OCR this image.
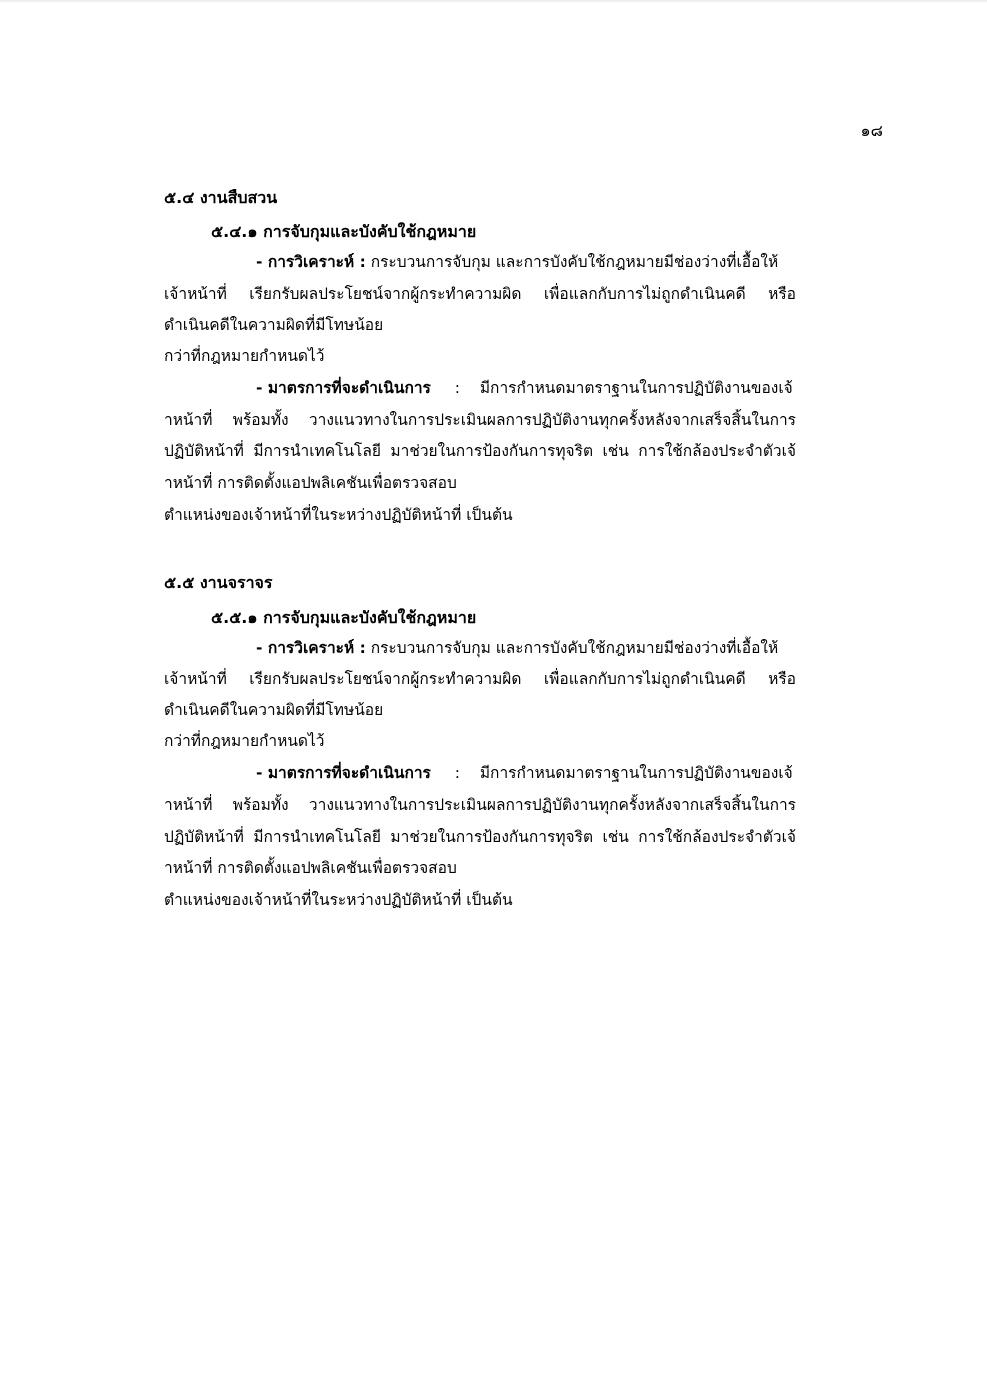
๑๘
๕.๔ งานสืบสวน
๕.๔.๑ การจับกุมและบังคับใช้กฎหมาย
- การวิเคราะห์ : กระบวนการจับกุม และการบังคับใช้กฎหมายมีช่องว่างที่เอื้อให้
เจ้าหน้าที่ เรียกรับผลประโยชน์จากผู้กระทำความผิด เพื่อแลกกับการไม่ถูกดำเนินคดี หรือ
ดำเนินคดีในความผิดที่มีโทษน้อย
กว่าที่กฎหมายกำหนดไว้
- มาตรการที่จะดำเนินการ : มีการกำหนดมาตราฐานในการปฏิบัติงานของเจ้
าหน้าที่ พร้อมทั้ง วางแนวทางในการประเมินผลการปฏิบัติงานทุกครั้งหลังจากเสร็จสิ้นในการ
ปฏิบัติหน้าที่ มีการนำเทคโนโลยี มาช่วยในการป้องกันการทุจริต เช่น การใช้กล้องประจำตัวเจ้
าหน้าที่ การติดตั้งแอปพลิเคชันเพื่อตรวจสอบ
ตำแหน่งของเจ้าหน้าที่ในระหว่างปฏิบัติหน้าที่ เป็นต้น
๕.๕ งานจราจร
๕.๕.๑ การจับกุมและบังคับใช้กฎหมาย
- การวิเคราะห์ : กระบวนการจับกุม และการบังคับใช้กฎหมายมีช่องว่างที่เอื้อให้
เจ้าหน้าที่ เรียกรับผลประโยชน์จากผู้กระทำความผิด เพื่อแลกกับการไม่ถูกดำเนินคดี หรือ
ดำเนินคดีในความผิดที่มีโทษน้อย
กว่าที่กฎหมายกำหนดไว้
- มาตรการที่จะดำเนินการ : มีการกำหนดมาตราฐานในการปฏิบัติงานของเจ้
าหน้าที่ พร้อมทั้ง วางแนวทางในการประเมินผลการปฏิบัติงานทุกครั้งหลังจากเสร็จสิ้นในการ
ปฏิบัติหน้าที่ มีการนำเทคโนโลยี มาช่วยในการป้องกันการทุจริต เช่น การใช้กล้องประจำตัวเจ้
าหน้าที่ การติดตั้งแอปพลิเคชันเพื่อตรวจสอบ
ตำแหน่งของเจ้าหน้าที่ในระหว่างปฏิบัติหน้าที่ เป็นต้น
